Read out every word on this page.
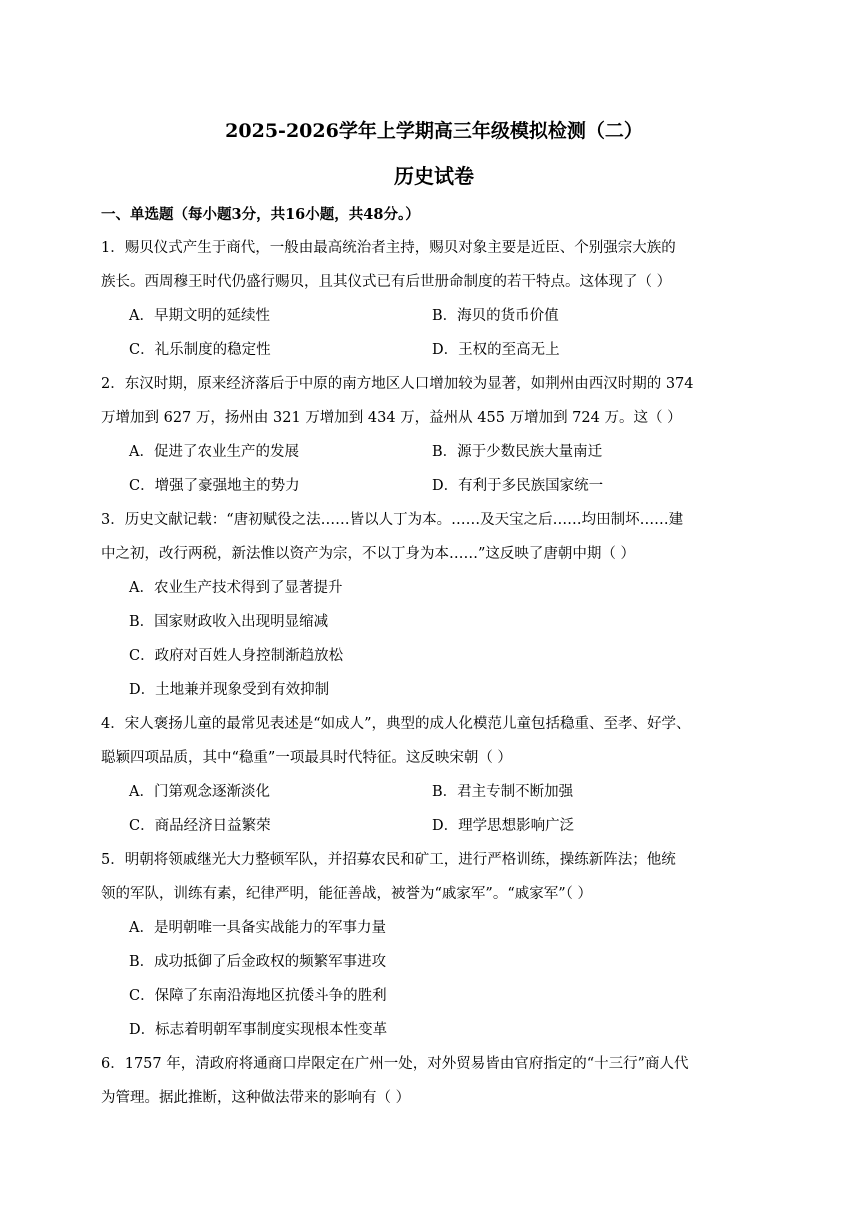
2025-2026学年上学期高三年级模拟检测（二）
历史试卷
一、单选题（每小题3分，共16小题，共48分。）
1．赐贝仪式产生于商代，一般由最高统治者主持，赐贝对象主要是近臣、个别强宗大族的
族长。西周穆王时代仍盛行赐贝，且其仪式已有后世册命制度的若干特点。这体现了（ ）
A．早期文明的延续性	B．海贝的货币价值
C．礼乐制度的稳定性	D．王权的至高无上
2．东汉时期，原来经济落后于中原的南方地区人口增加较为显著，如荆州由西汉时期的 374
万增加到 627 万，扬州由 321 万增加到 434 万，益州从 455 万增加到 724 万。这（ ）
A．促进了农业生产的发展	B．源于少数民族大量南迁
C．增强了豪强地主的势力	D．有利于多民族国家统一
3．历史文献记载：“唐初赋役之法……皆以人丁为本。……及天宝之后……均田制坏……建
中之初，改行两税，新法惟以资产为宗，不以丁身为本……”这反映了唐朝中期（ ）
A．农业生产技术得到了显著提升
B．国家财政收入出现明显缩减
C．政府对百姓人身控制渐趋放松
D．土地兼并现象受到有效抑制
4．宋人褒扬儿童的最常见表述是“如成人”，典型的成人化模范儿童包括稳重、至孝、好学、
聪颖四项品质，其中“稳重”一项最具时代特征。这反映宋朝（ ）
A．门第观念逐渐淡化	B．君主专制不断加强
C．商品经济日益繁荣	D．理学思想影响广泛
5．明朝将领戚继光大力整顿军队，并招募农民和矿工，进行严格训练，操练新阵法；他统
领的军队，训练有素，纪律严明，能征善战，被誉为“戚家军”。“戚家军”（ ）
A．是明朝唯一具备实战能力的军事力量
B．成功抵御了后金政权的频繁军事进攻
C．保障了东南沿海地区抗倭斗争的胜利
D．标志着明朝军事制度实现根本性变革
6．1757 年，清政府将通商口岸限定在广州一处，对外贸易皆由官府指定的“十三行”商人代
为管理。据此推断，这种做法带来的影响有（ ）
